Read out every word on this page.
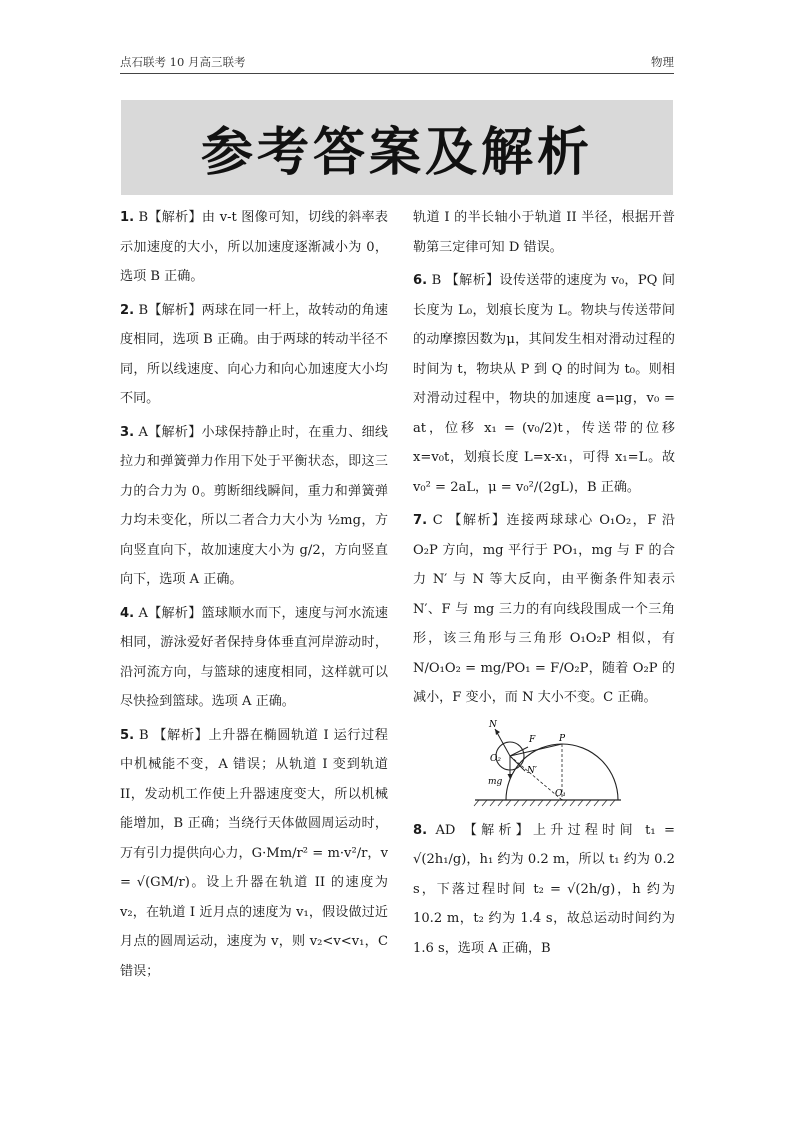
点石联考 10 月高三联考	物理
参考答案及解析

1. B【解析】由 v-t 图像可知，切线的斜率表示加速度的大小，所以加速度逐渐减小为 0，选项 B 正确。

2. B【解析】两球在同一杆上，故转动的角速度相同，选项 B 正确。由于两球的转动半径不同，所以线速度、向心力和向心加速度大小均不同。

3. A【解析】小球保持静止时，在重力、细线拉力和弹簧弹力作用下处于平衡状态，即这三力的合力为 0。剪断细线瞬间，重力和弹簧弹力均未变化，所以二者合力大小为 ½mg，方向竖直向下，故加速度大小为 g/2，方向竖直向下，选项 A 正确。

4. A【解析】篮球顺水而下，速度与河水流速相同，游泳爱好者保持身体垂直河岸游动时，沿河流方向，与篮球的速度相同，这样就可以尽快捡到篮球。选项 A 正确。

5. B 【解析】上升器在椭圆轨道 I 运行过程中机械能不变，A 错误；从轨道 I 变到轨道 II，发动机工作使上升器速度变大，所以机械能增加，B 正确；当绕行天体做圆周运动时，万有引力提供向心力，G·Mm/r² = m·v²/r，v = √(GM/r)。设上升器在轨道 II 的速度为 v₂，在轨道 I 近月点的速度为 v₁，假设做过近月点的圆周运动，速度为 v，则 v₂<v<v₁，C 错误；

轨道 I 的半长轴小于轨道 II 半径，根据开普勒第三定律可知 D 错误。

6. B 【解析】设传送带的速度为 v₀，PQ 间长度为 L₀，划痕长度为 L。物块与传送带间的动摩擦因数为μ，其间发生相对滑动过程的时间为 t，物块从 P 到 Q 的时间为 t₀。则相对滑动过程中，物块的加速度 a=μg，v₀ = at，位移 x₁ = (v₀/2)t，传送带的位移 x=v₀t，划痕长度 L=x-x₁，可得 x₁=L。故 v₀² = 2aL，μ = v₀²/(2gL)，B 正确。

7. C 【解析】连接两球球心 O₁O₂，F 沿 O₂P 方向，mg 平行于 PO₁，mg 与 F 的合力 N′ 与 N 等大反向，由平衡条件知表示 N′、F 与 mg 三力的有向线段围成一个三角形，该三角形与三角形 O₁O₂P 相似，有 N/O₁O₂ = mg/PO₁ = F/O₂P，随着 O₂P 的减小，F 变小，而 N 大小不变。C 正确。

N
F	P
O₂
N′
mg
O₁

8. AD 【解析】上升过程时间 t₁ = √(2h₁/g)，h₁ 约为 0.2 m，所以 t₁ 约为 0.2 s，下落过程时间 t₂ = √(2h/g)，h 约为 10.2 m，t₂ 约为 1.4 s，故总运动时间约为 1.6 s，选项 A 正确，B
